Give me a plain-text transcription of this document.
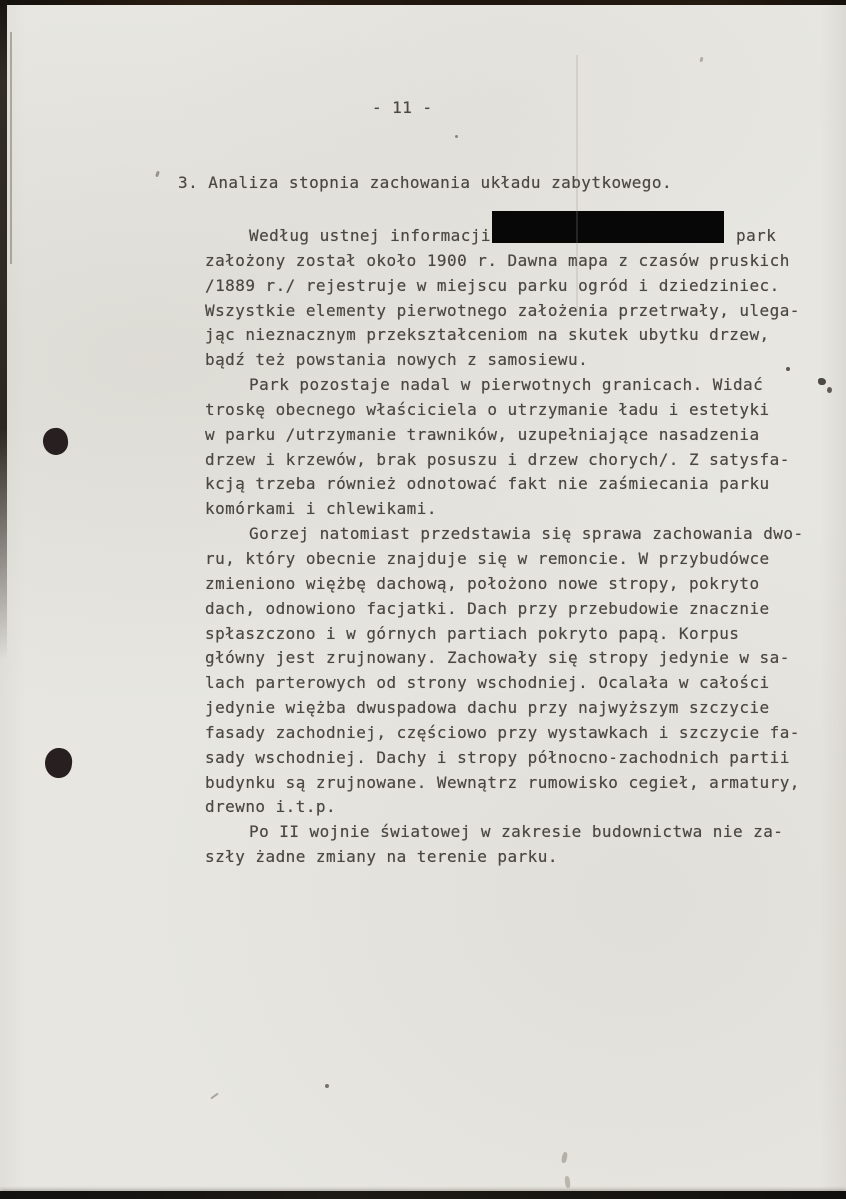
- 11 -
3. Analiza stopnia zachowania układu zabytkowego.
Według ustnej informacji	park
założony został około 1900 r. Dawna mapa z czasów pruskich
/1889 r./ rejestruje w miejscu parku ogród i dziedziniec.
Wszystkie elementy pierwotnego założenia przetrwały, ulega-
jąc nieznacznym przekształceniom na skutek ubytku drzew,
bądź też powstania nowych z samosiewu.
Park pozostaje nadal w pierwotnych granicach. Widać
troskę obecnego właściciela o utrzymanie ładu i estetyki
w parku /utrzymanie trawników, uzupełniające nasadzenia
drzew i krzewów, brak posuszu i drzew chorych/. Z satysfa-
kcją trzeba również odnotować fakt nie zaśmiecania parku
komórkami i chlewikami.
Gorzej natomiast przedstawia się sprawa zachowania dwo-
ru, który obecnie znajduje się w remoncie. W przybudówce
zmieniono więżbę dachową, położono nowe stropy, pokryto
dach, odnowiono facjatki. Dach przy przebudowie znacznie
spłaszczono i w górnych partiach pokryto papą. Korpus
główny jest zrujnowany. Zachowały się stropy jedynie w sa-
lach parterowych od strony wschodniej. Ocalała w całości
jedynie więżba dwuspadowa dachu przy najwyższym szczycie
fasady zachodniej, częściowo przy wystawkach i szczycie fa-
sady wschodniej. Dachy i stropy północno-zachodnich partii
budynku są zrujnowane. Wewnątrz rumowisko cegieł, armatury,
drewno i.t.p.
Po II wojnie światowej w zakresie budownictwa nie za-
szły żadne zmiany na terenie parku.
